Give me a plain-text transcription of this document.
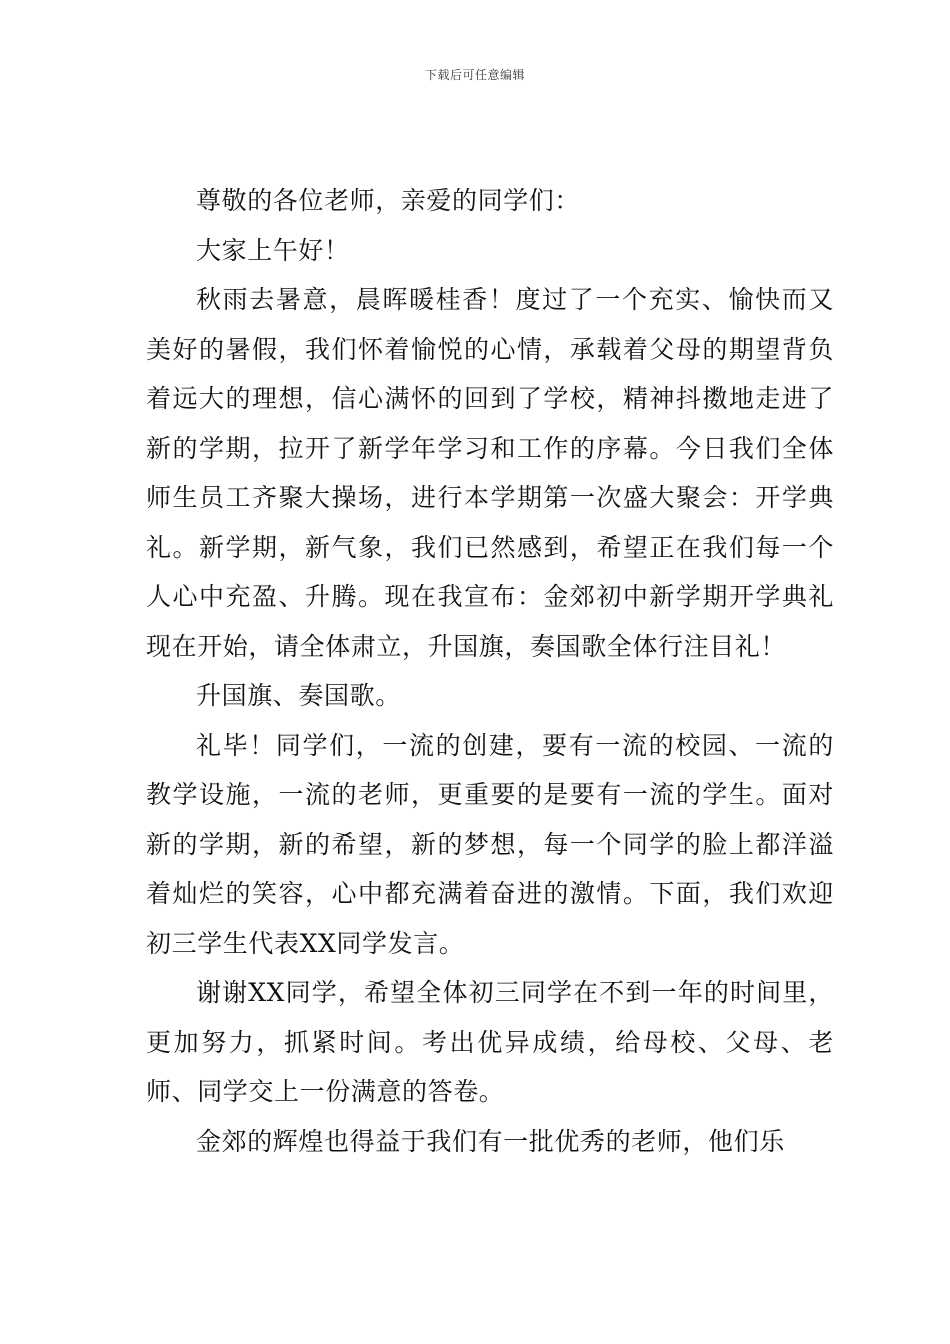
下载后可任意编辑

尊敬的各位老师，亲爱的同学们：

大家上午好！

秋雨去暑意，晨晖暖桂香！度过了一个充实、愉快而又美好的暑假，我们怀着愉悦的心情，承载着父母的期望背负着远大的理想，信心满怀的回到了学校，精神抖擞地走进了新的学期，拉开了新学年学习和工作的序幕。今日我们全体师生员工齐聚大操场，进行本学期第一次盛大聚会：开学典礼。新学期，新气象，我们已然感到，希望正在我们每一个人心中充盈、升腾。现在我宣布：金郊初中新学期开学典礼现在开始，请全体肃立，升国旗，奏国歌全体行注目礼！

升国旗、奏国歌。

礼毕！同学们，一流的创建，要有一流的校园、一流的教学设施，一流的老师，更重要的是要有一流的学生。面对新的学期，新的希望，新的梦想，每一个同学的脸上都洋溢着灿烂的笑容，心中都充满着奋进的激情。下面，我们欢迎初三学生代表XX同学发言。

谢谢XX同学，希望全体初三同学在不到一年的时间里，更加努力，抓紧时间。考出优异成绩，给母校、父母、老师、同学交上一份满意的答卷。

金郊的辉煌也得益于我们有一批优秀的老师，他们乐
